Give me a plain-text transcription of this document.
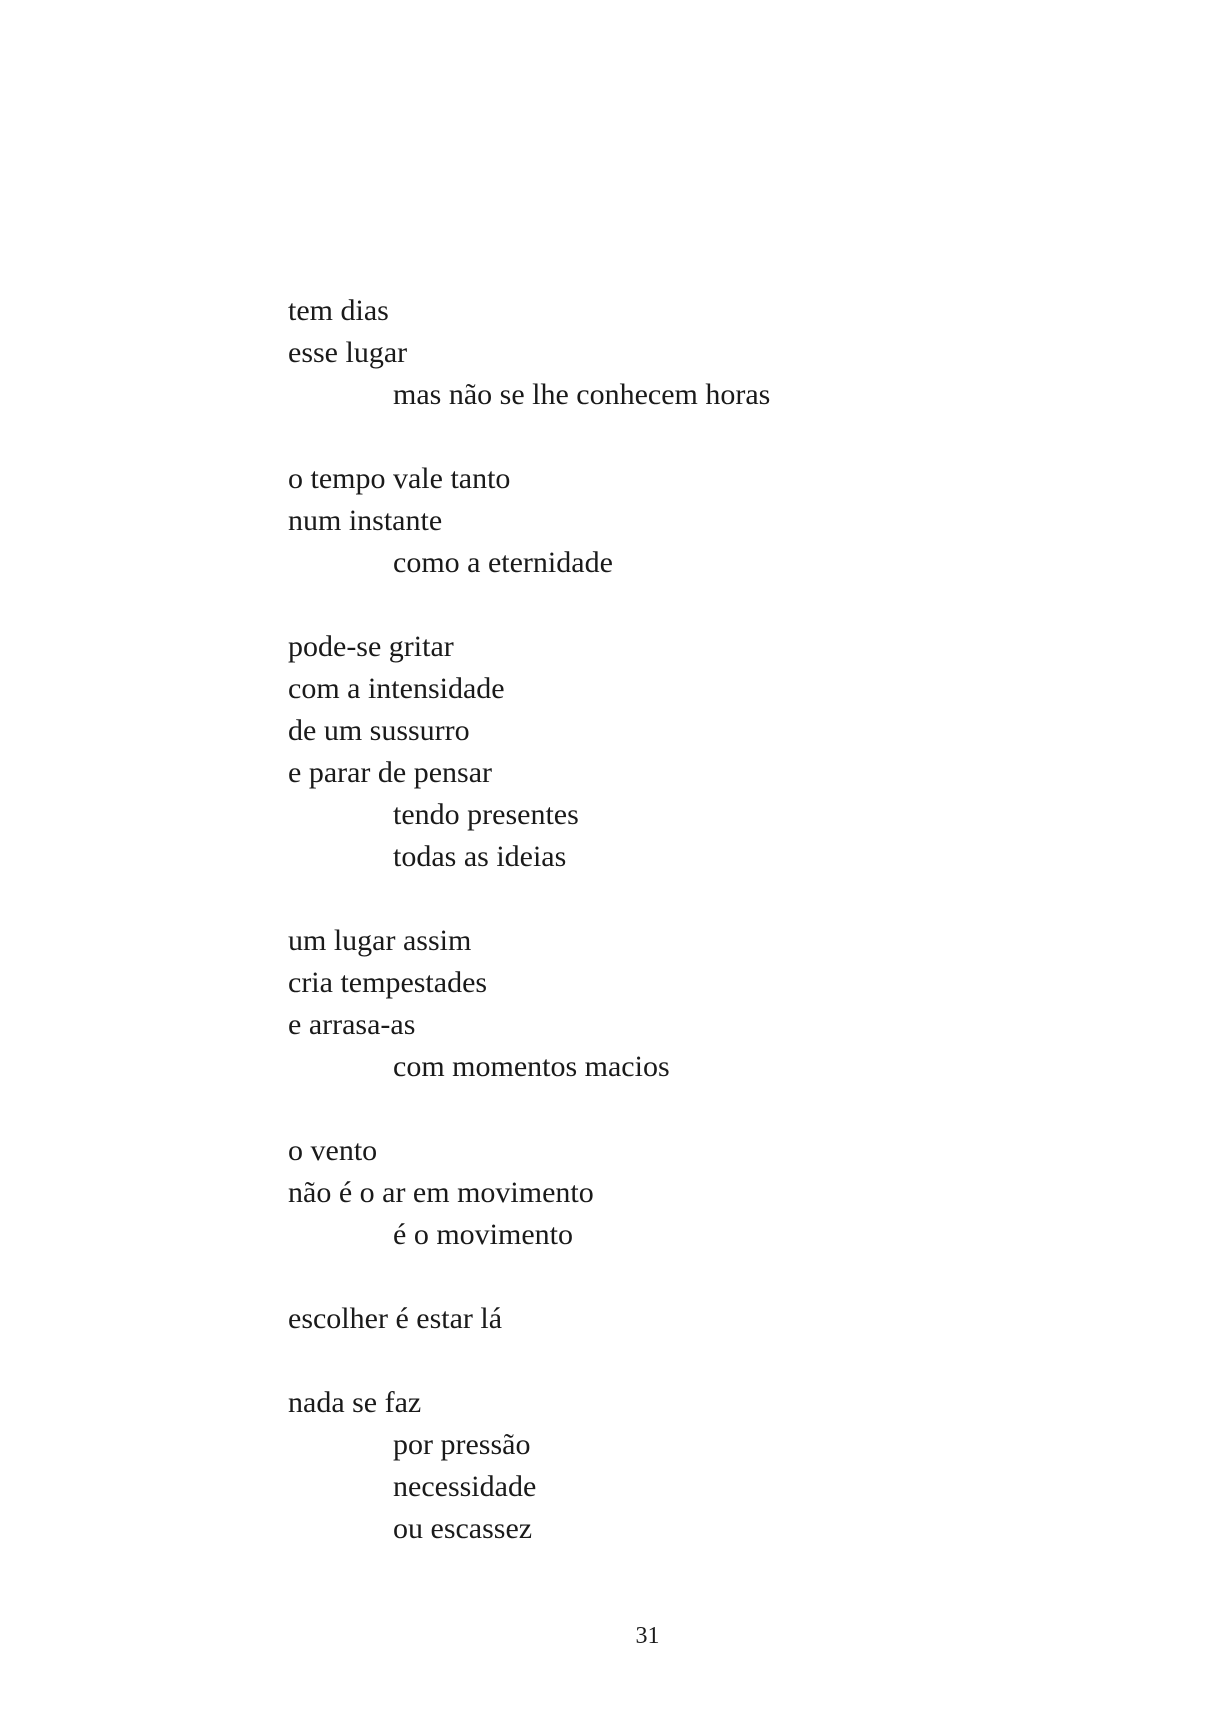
tem dias
esse lugar
mas não se lhe conhecem horas
o tempo vale tanto
num instante
como a eternidade
pode-se gritar
com a intensidade
de um sussurro
e parar de pensar
tendo presentes
todas as ideias
um lugar assim
cria tempestades
e arrasa-as
com momentos macios
o vento
não é o ar em movimento
é o movimento
escolher é estar lá
nada se faz
por pressão
necessidade
ou escassez
31
